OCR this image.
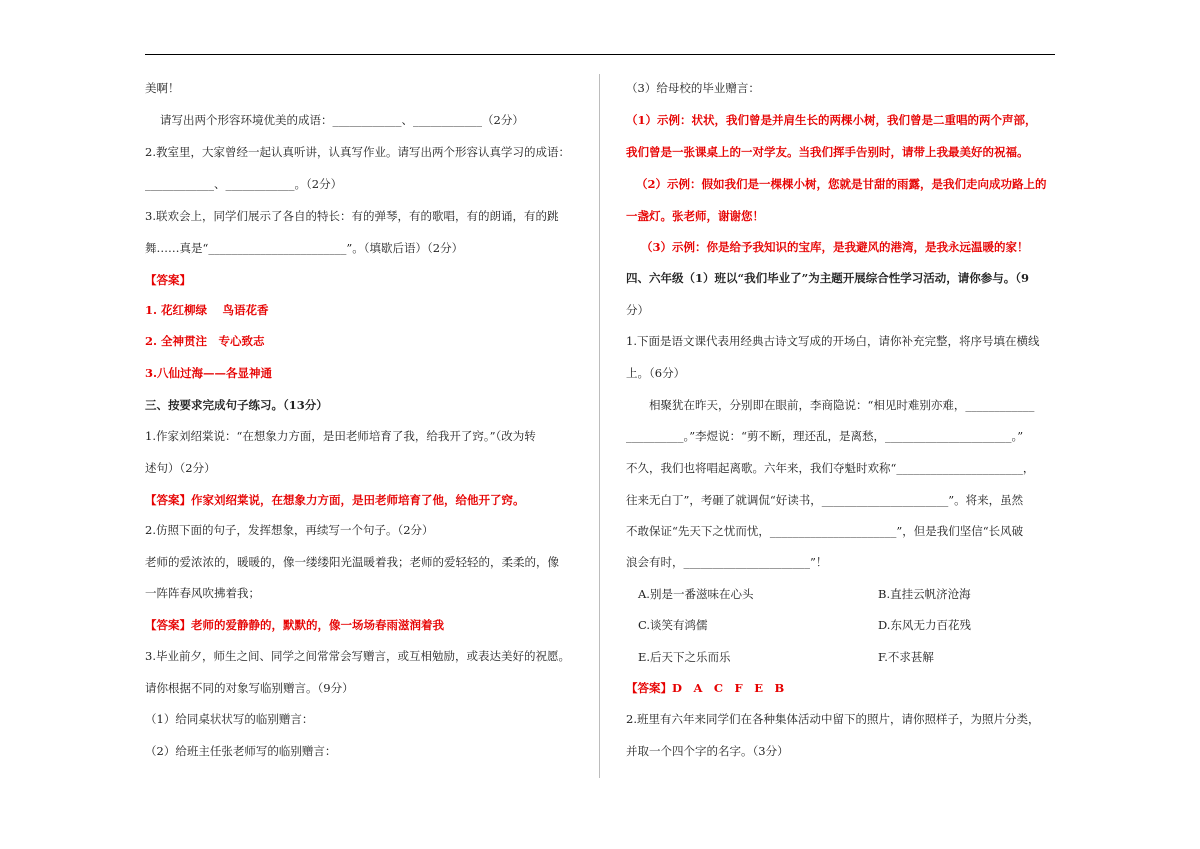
美啊！
请写出两个形容环境优美的成语：____________、____________（2分）
2.教室里，大家曾经一起认真听讲，认真写作业。请写出两个形容认真学习的成语：
____________、____________。（2分）
3.联欢会上，同学们展示了各自的特长：有的弹琴，有的歌唱，有的朗诵，有的跳
舞……真是“________________________”。（填歇后语）（2分）
【答案】
1. 花红柳绿　 鸟语花香
2. 全神贯注　专心致志
3.八仙过海——各显神通
三、按要求完成句子练习。（13分）
1.作家刘绍棠说：“在想象力方面，是田老师培育了我，给我开了窍。”（改为转
述句）（2分）
【答案】作家刘绍棠说，在想象力方面，是田老师培育了他，给他开了窍。
2.仿照下面的句子，发挥想象，再续写一个句子。（2分）
老师的爱浓浓的，暖暖的，像一缕缕阳光温暖着我；老师的爱轻轻的，柔柔的，像
一阵阵春风吹拂着我；
【答案】老师的爱静静的，默默的，像一场场春雨滋润着我
3.毕业前夕，师生之间、同学之间常常会写赠言，或互相勉励，或表达美好的祝愿。
请你根据不同的对象写临别赠言。（9分）
（1）给同桌状状写的临别赠言：
（2）给班主任张老师写的临别赠言：
（3）给母校的毕业赠言：
（1）示例：状状，我们曾是并肩生长的两棵小树，我们曾是二重唱的两个声部，
我们曾是一张课桌上的一对学友。当我们挥手告别时，请带上我最美好的祝福。
（2）示例：假如我们是一棵棵小树，您就是甘甜的雨露，是我们走向成功路上的
一盏灯。张老师，谢谢您！
（3）示例：你是给予我知识的宝库，是我避风的港湾，是我永远温暖的家！
四、六年级（1）班以“我们毕业了”为主题开展综合性学习活动，请你参与。（9
分）
1.下面是语文课代表用经典古诗文写成的开场白，请你补充完整，将序号填在横线
上。（6分）
相聚犹在昨天，分别即在眼前，李商隐说：“相见时难别亦难，____________
__________。”李煜说：“剪不断，理还乱，是离愁，______________________。”
不久，我们也将唱起离歌。六年来，我们夺魁时欢称“______________________，
往来无白丁”，考砸了就调侃“好读书，______________________”。将来，虽然
不敢保证“先天下之忧而忧，______________________”，但是我们坚信“长风破
浪会有时，______________________”！
A.别是一番滋味在心头	B.直挂云帆济沧海
C.谈笑有鸿儒	D.东风无力百花残
E.后天下之乐而乐	F.不求甚解
【答案】D　A　C　F　E　B
2.班里有六年来同学们在各种集体活动中留下的照片，请你照样子，为照片分类，
并取一个四个字的名字。（3分）
